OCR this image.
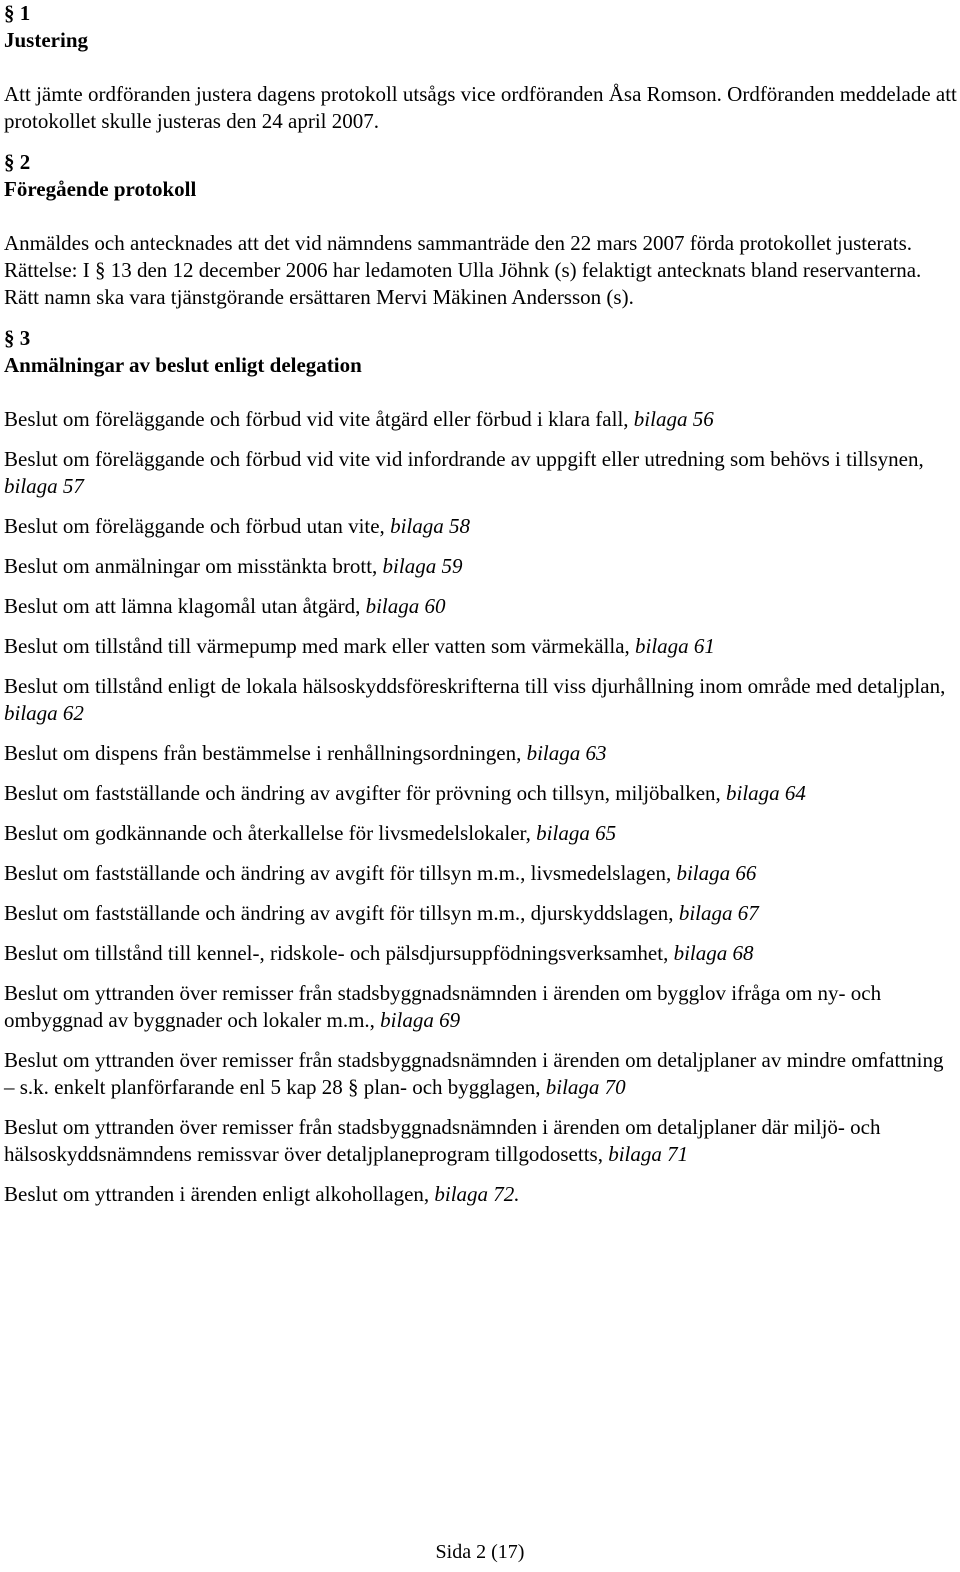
§ 1
Justering

Att jämte ordföranden justera dagens protokoll utsågs vice ordföranden Åsa Romson. Ordföranden meddelade att protokollet skulle justeras den 24 april 2007.

§ 2
Föregående protokoll

Anmäldes och antecknades att det vid nämndens sammanträde den 22 mars 2007 förda protokollet justerats.

Rättelse: I § 13 den 12 december 2006 har ledamoten Ulla Jöhnk (s) felaktigt antecknats bland reservanterna. Rätt namn ska vara tjänstgörande ersättaren Mervi Mäkinen Andersson (s).

§ 3
Anmälningar av beslut enligt delegation

Beslut om föreläggande och förbud vid vite åtgärd eller förbud i klara fall, bilaga 56

Beslut om föreläggande och förbud vid vite vid infordrande av uppgift eller utredning som behövs i tillsynen, bilaga 57

Beslut om föreläggande och förbud utan vite, bilaga 58

Beslut om anmälningar om misstänkta brott, bilaga 59

Beslut om att lämna klagomål utan åtgärd, bilaga 60

Beslut om tillstånd till värmepump med mark eller vatten som värmekälla, bilaga 61

Beslut om tillstånd enligt de lokala hälsoskyddsföreskrifterna till viss djurhållning inom område med detaljplan, bilaga 62

Beslut om dispens från bestämmelse i renhållningsordningen, bilaga 63

Beslut om fastställande och ändring av avgifter för prövning och tillsyn, miljöbalken, bilaga 64

Beslut om godkännande och återkallelse för livsmedelslokaler, bilaga 65

Beslut om fastställande och ändring av avgift för tillsyn m.m., livsmedelslagen, bilaga 66

Beslut om fastställande och ändring av avgift för tillsyn m.m., djurskyddslagen, bilaga 67

Beslut om tillstånd till kennel-, ridskole- och pälsdjursuppfödningsverksamhet, bilaga 68

Beslut om yttranden över remisser från stadsbyggnadsnämnden i ärenden om bygglov ifråga om ny- och ombyggnad av byggnader och lokaler m.m., bilaga 69

Beslut om yttranden över remisser från stadsbyggnadsnämnden i ärenden om detaljplaner av mindre omfattning – s.k. enkelt planförfarande enl 5 kap 28 § plan- och bygglagen, bilaga 70

Beslut om yttranden över remisser från stadsbyggnadsnämnden i ärenden om detaljplaner där miljö- och hälsoskyddsnämndens remissvar över detaljplaneprogram tillgodosetts, bilaga 71

Beslut om yttranden i ärenden enligt alkohollagen, bilaga 72.

Sida 2 (17)
